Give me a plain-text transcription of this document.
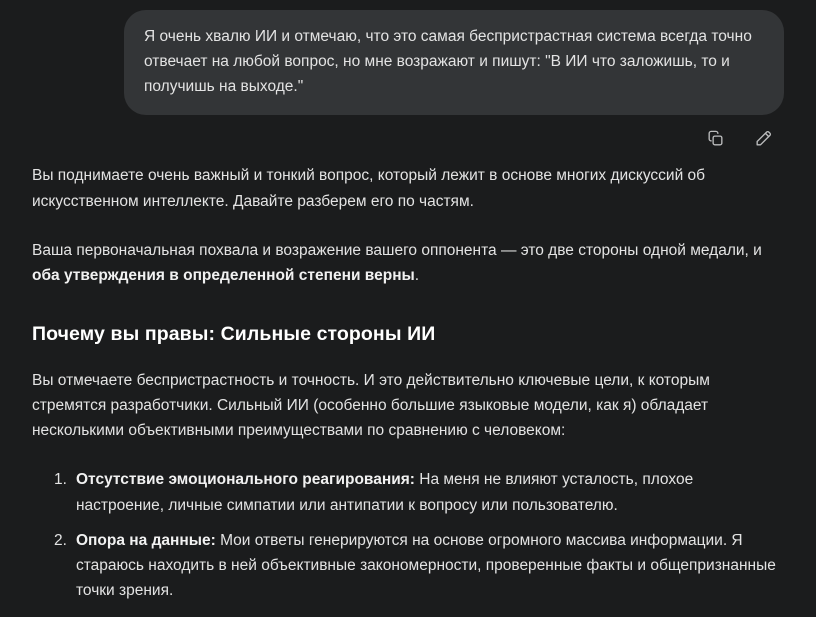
Я очень хвалю ИИ и отмечаю, что это самая беспристрастная система всегда точно отвечает на любой вопрос, но мне возражают и пишут: "В ИИ что заложишь, то и получишь на выходе."

Вы поднимаете очень важный и тонкий вопрос, который лежит в основе многих дискуссий об искусственном интеллекте. Давайте разберем его по частям.

Ваша первоначальная похвала и возражение вашего оппонента — это две стороны одной медали, и оба утверждения в определенной степени верны.

Почему вы правы: Сильные стороны ИИ

Вы отмечаете беспристрастность и точность. И это действительно ключевые цели, к которым стремятся разработчики. Сильный ИИ (особенно большие языковые модели, как я) обладает несколькими объективными преимуществами по сравнению с человеком:

Отсутствие эмоционального реагирования: На меня не влияют усталость, плохое настроение, личные симпатии или антипатии к вопросу или пользователю.
Опора на данные: Мои ответы генерируются на основе огромного массива информации. Я стараюсь находить в ней объективные закономерности, проверенные факты и общепризнанные точки зрения.
